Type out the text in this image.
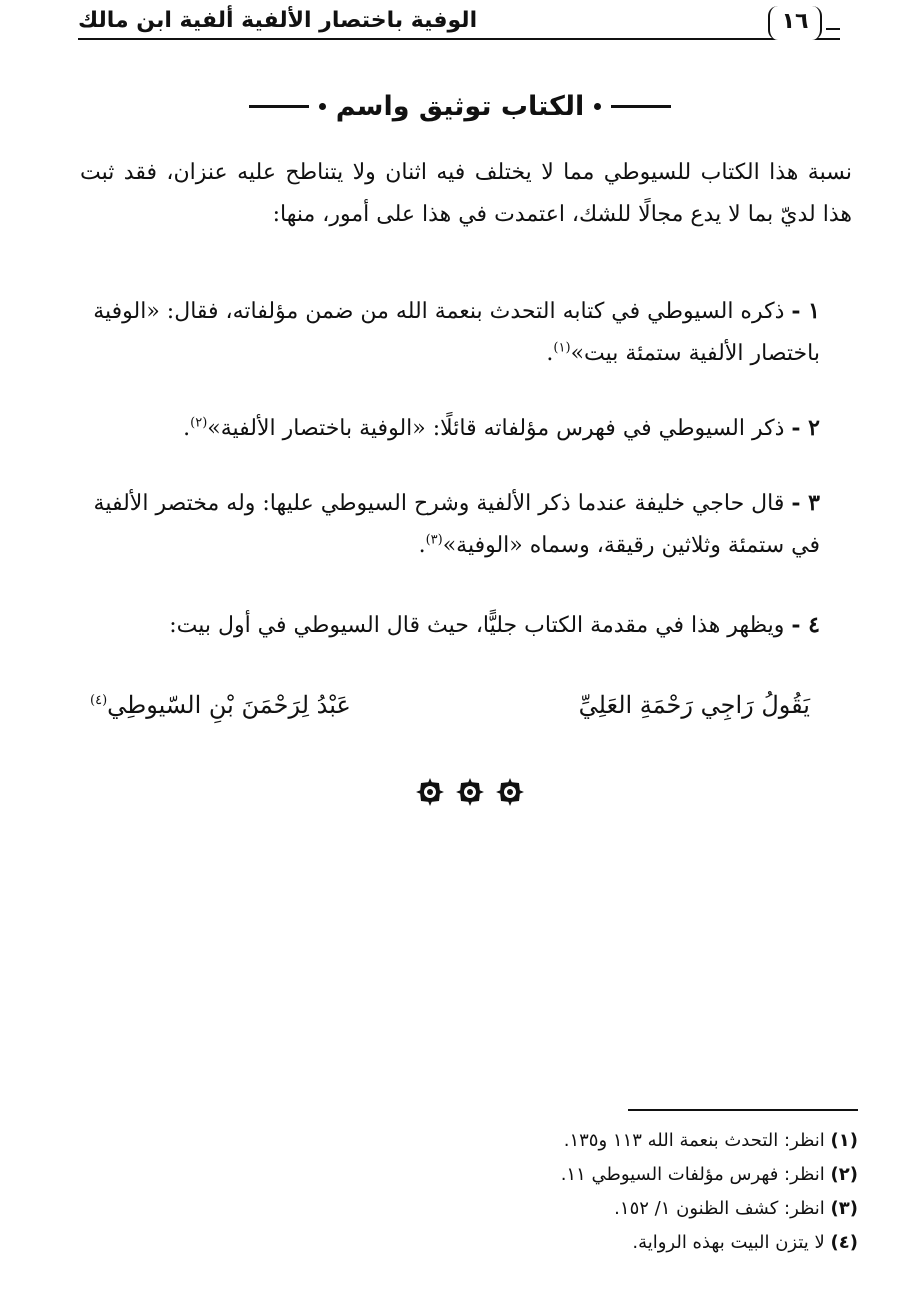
الوفية باختصار الألفية ألفية ابن مالك	١٦
الكتاب توثيق واسم

نسبة هذا الكتاب للسيوطي مما لا يختلف فيه اثنان ولا يتناطح عليه عنزان، فقد ثبت هذا لديّ بما لا يدع مجالًا للشك، اعتمدت في هذا على أمور، منها:

١ - ذكره السيوطي في كتابه التحدث بنعمة الله من ضمن مؤلفاته، فقال: «الوفية باختصار الألفية ستمئة بيت»$^{(١)}$.

٢ - ذكر السيوطي في فهرس مؤلفاته قائلًا: «الوفية باختصار الألفية»$^{(٢)}$.

٣ - قال حاجي خليفة عندما ذكر الألفية وشرح السيوطي عليها: وله مختصر الألفية في ستمئة وثلاثين رقيقة، وسماه «الوفية»$^{(٣)}$.

٤ - ويظهر هذا في مقدمة الكتاب جليًّا، حيث قال السيوطي في أول بيت:

يَقُولُ رَاجِي رَحْمَةِ العَلِيِّ
عَبْدُ لِرَحْمَنَ بْنِ السّيوطِي$^{(٤)}$
(١) انظر: التحدث بنعمة الله ١١٣ و١٣٥.
(٢) انظر: فهرس مؤلفات السيوطي ١١.
(٣) انظر: كشف الظنون ١/ ١٥٢.
(٤) لا يتزن البيت بهذه الرواية.
